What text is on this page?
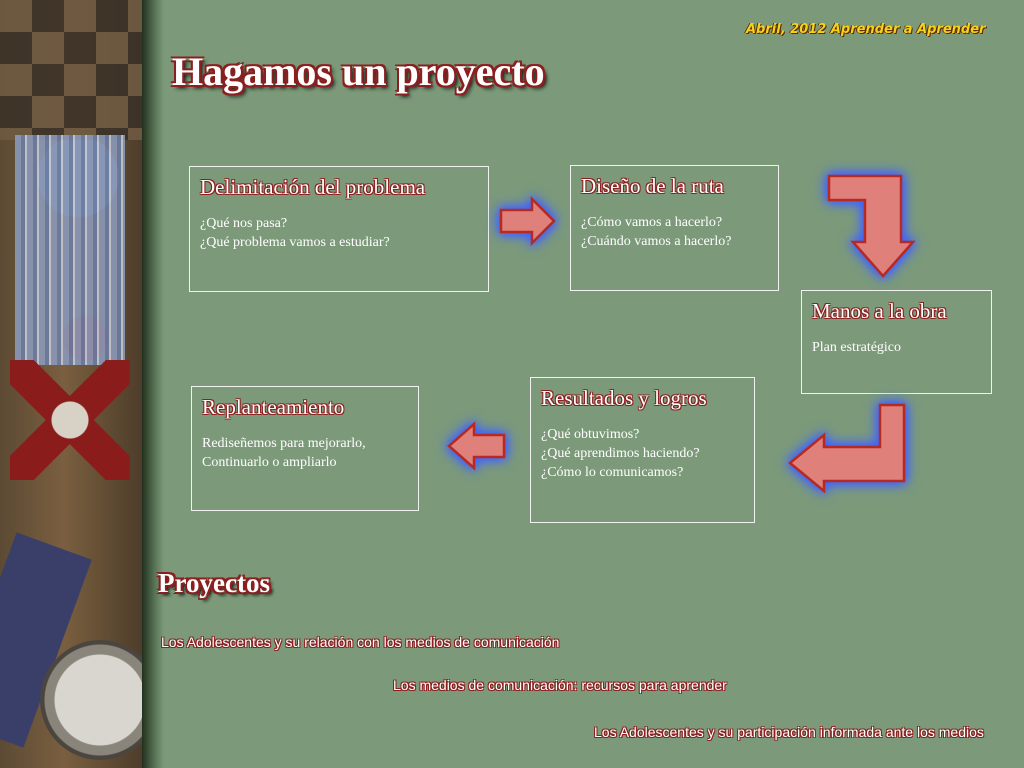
Abril, 2012 Aprender a Aprender
Hagamos un proyecto
Delimitación del problema

¿Qué nos pasa?

¿Qué problema vamos a estudiar?

Diseño de la ruta

¿Cómo vamos a hacerlo?

¿Cuándo vamos a hacerlo?

Manos a la obra

Plan estratégico

Resultados y logros

¿Qué obtuvimos?

¿Qué aprendimos haciendo?

¿Cómo lo comunicamos?

Replanteamiento

Rediseñemos para mejorarlo,

Continuarlo o ampliarlo

Proyectos
Los Adolescentes y su relación con los medios de comunicación
Los medios de comunicación: recursos para aprender
Los Adolescentes y su participación informada ante los medios
